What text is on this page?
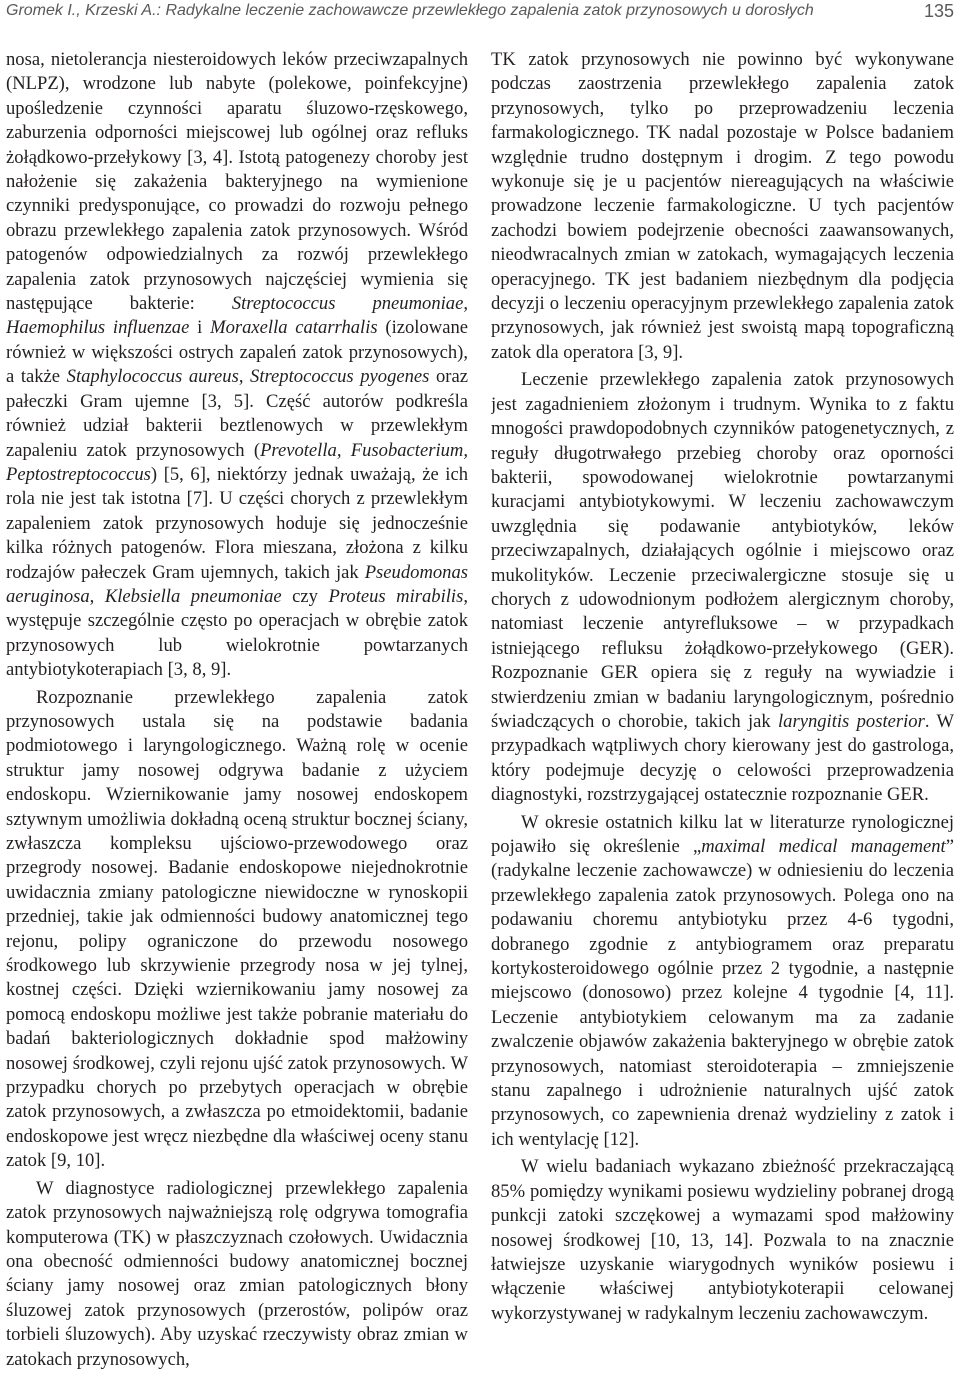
Gromek I., Krzeski A.: Radykalne leczenie zachowawcze przewlekłego zapalenia zatok przynosowych u dorosłych	135

nosa, nietolerancja niesteroidowych leków przeciwzapalnych (NLPZ), wrodzone lub nabyte (polekowe, poinfekcyjne) upośledzenie czynności aparatu śluzowo-rzęskowego, zaburzenia odporności miejscowej lub ogólnej oraz refluks żołądkowo-przełykowy [3, 4]. Istotą patogenezy choroby jest nałożenie się zakażenia bakteryjnego na wymienione czynniki predysponujące, co prowadzi do rozwoju pełnego obrazu przewlekłego zapalenia zatok przynosowych. Wśród patogenów odpowiedzialnych za rozwój przewlekłego zapalenia zatok przynosowych najczęściej wymienia się następujące bakterie: Streptococcus pneumoniae, Haemophilus influenzae i Moraxella catarrhalis (izolowane również w większości ostrych zapaleń zatok przynosowych), a także Staphylococcus aureus, Streptococcus pyogenes oraz pałeczki Gram ujemne [3, 5]. Część autorów podkreśla również udział bakterii beztlenowych w przewlekłym zapaleniu zatok przynosowych (Prevotella, Fusobacterium, Peptostreptococcus) [5, 6], niektórzy jednak uważają, że ich rola nie jest tak istotna [7]. U części chorych z przewlekłym zapaleniem zatok przynosowych hoduje się jednocześnie kilka różnych patogenów. Flora mieszana, złożona z kilku rodzajów pałeczek Gram ujemnych, takich jak Pseudomonas aeruginosa, Klebsiella pneumoniae czy Proteus mirabilis, występuje szczególnie często po operacjach w obrębie zatok przynosowych lub wielokrotnie powtarzanych antybiotykoterapiach [3, 8, 9].

Rozpoznanie przewlekłego zapalenia zatok przynosowych ustala się na podstawie badania podmiotowego i laryngologicznego. Ważną rolę w ocenie struktur jamy nosowej odgrywa badanie z użyciem endoskopu. Wziernikowanie jamy nosowej endoskopem sztywnym umożliwia dokładną oceną struktur bocznej ściany, zwłaszcza kompleksu ujściowo-przewodowego oraz przegrody nosowej. Badanie endoskopowe niejednokrotnie uwidacznia zmiany patologiczne niewidoczne w rynoskopii przedniej, takie jak odmienności budowy anatomicznej tego rejonu, polipy ograniczone do przewodu nosowego środkowego lub skrzywienie przegrody nosa w jej tylnej, kostnej części. Dzięki wziernikowaniu jamy nosowej za pomocą endoskopu możliwe jest także pobranie materiału do badań bakteriologicznych dokładnie spod małżowiny nosowej środkowej, czyli rejonu ujść zatok przynosowych. W przypadku chorych po przebytych operacjach w obrębie zatok przynosowych, a zwłaszcza po etmoidektomii, badanie endoskopowe jest wręcz niezbędne dla właściwej oceny stanu zatok [9, 10].

W diagnostyce radiologicznej przewlekłego zapalenia zatok przynosowych najważniejszą rolę odgrywa tomografia komputerowa (TK) w płaszczyznach czołowych. Uwidacznia ona obecność odmienności budowy anatomicznej bocznej ściany jamy nosowej oraz zmian patologicznych błony śluzowej zatok przynosowych (przerostów, polipów oraz torbieli śluzowych). Aby uzyskać rzeczywisty obraz zmian w zatokach przynosowych,

TK zatok przynosowych nie powinno być wykonywane podczas zaostrzenia przewlekłego zapalenia zatok przynosowych, tylko po przeprowadzeniu leczenia farmakologicznego. TK nadal pozostaje w Polsce badaniem względnie trudno dostępnym i drogim. Z tego powodu wykonuje się je u pacjentów niereagujących na właściwie prowadzone leczenie farmakologiczne. U tych pacjentów zachodzi bowiem podejrzenie obecności zaawansowanych, nieodwracalnych zmian w zatokach, wymagających leczenia operacyjnego. TK jest badaniem niezbędnym dla podjęcia decyzji o leczeniu operacyjnym przewlekłego zapalenia zatok przynosowych, jak również jest swoistą mapą topograficzną zatok dla operatora [3, 9].

Leczenie przewlekłego zapalenia zatok przynosowych jest zagadnieniem złożonym i trudnym. Wynika to z faktu mnogości prawdopodobnych czynników patogenetycznych, z reguły długotrwałego przebieg choroby oraz oporności bakterii, spowodowanej wielokrotnie powtarzanymi kuracjami antybiotykowymi. W leczeniu zachowawczym uwzględnia się podawanie antybiotyków, leków przeciwzapalnych, działających ogólnie i miejscowo oraz mukolityków. Leczenie przeciwalergiczne stosuje się u chorych z udowodnionym podłożem alergicznym choroby, natomiast leczenie antyrefluksowe – w przypadkach istniejącego refluksu żołądkowo-przełykowego (GER). Rozpoznanie GER opiera się z reguły na wywiadzie i stwierdzeniu zmian w badaniu laryngologicznym, pośrednio świadczących o chorobie, takich jak laryngitis posterior. W przypadkach wątpliwych chory kierowany jest do gastrologa, który podejmuje decyzję o celowości przeprowadzenia diagnostyki, rozstrzygającej ostatecznie rozpoznanie GER.

W okresie ostatnich kilku lat w literaturze rynologicznej pojawiło się określenie „maximal medical management” (radykalne leczenie zachowawcze) w odniesieniu do leczenia przewlekłego zapalenia zatok przynosowych. Polega ono na podawaniu choremu antybiotyku przez 4-6 tygodni, dobranego zgodnie z antybiogramem oraz preparatu kortykosteroidowego ogólnie przez 2 tygodnie, a następnie miejscowo (donosowo) przez kolejne 4 tygodnie [4, 11]. Leczenie antybiotykiem celowanym ma za zadanie zwalczenie objawów zakażenia bakteryjnego w obrębie zatok przynosowych, natomiast steroidoterapia – zmniejszenie stanu zapalnego i udrożnienie naturalnych ujść zatok przynosowych, co zapewnienia drenaż wydzieliny z zatok i ich wentylację [12].

W wielu badaniach wykazano zbieżność przekraczającą 85% pomiędzy wynikami posiewu wydzieliny pobranej drogą punkcji zatoki szczękowej a wymazami spod małżowiny nosowej środkowej [10, 13, 14]. Pozwala to na znacznie łatwiejsze uzyskanie wiarygodnych wyników posiewu i włączenie właściwej antybiotykoterapii celowanej wykorzystywanej w radykalnym leczeniu zachowawczym.
